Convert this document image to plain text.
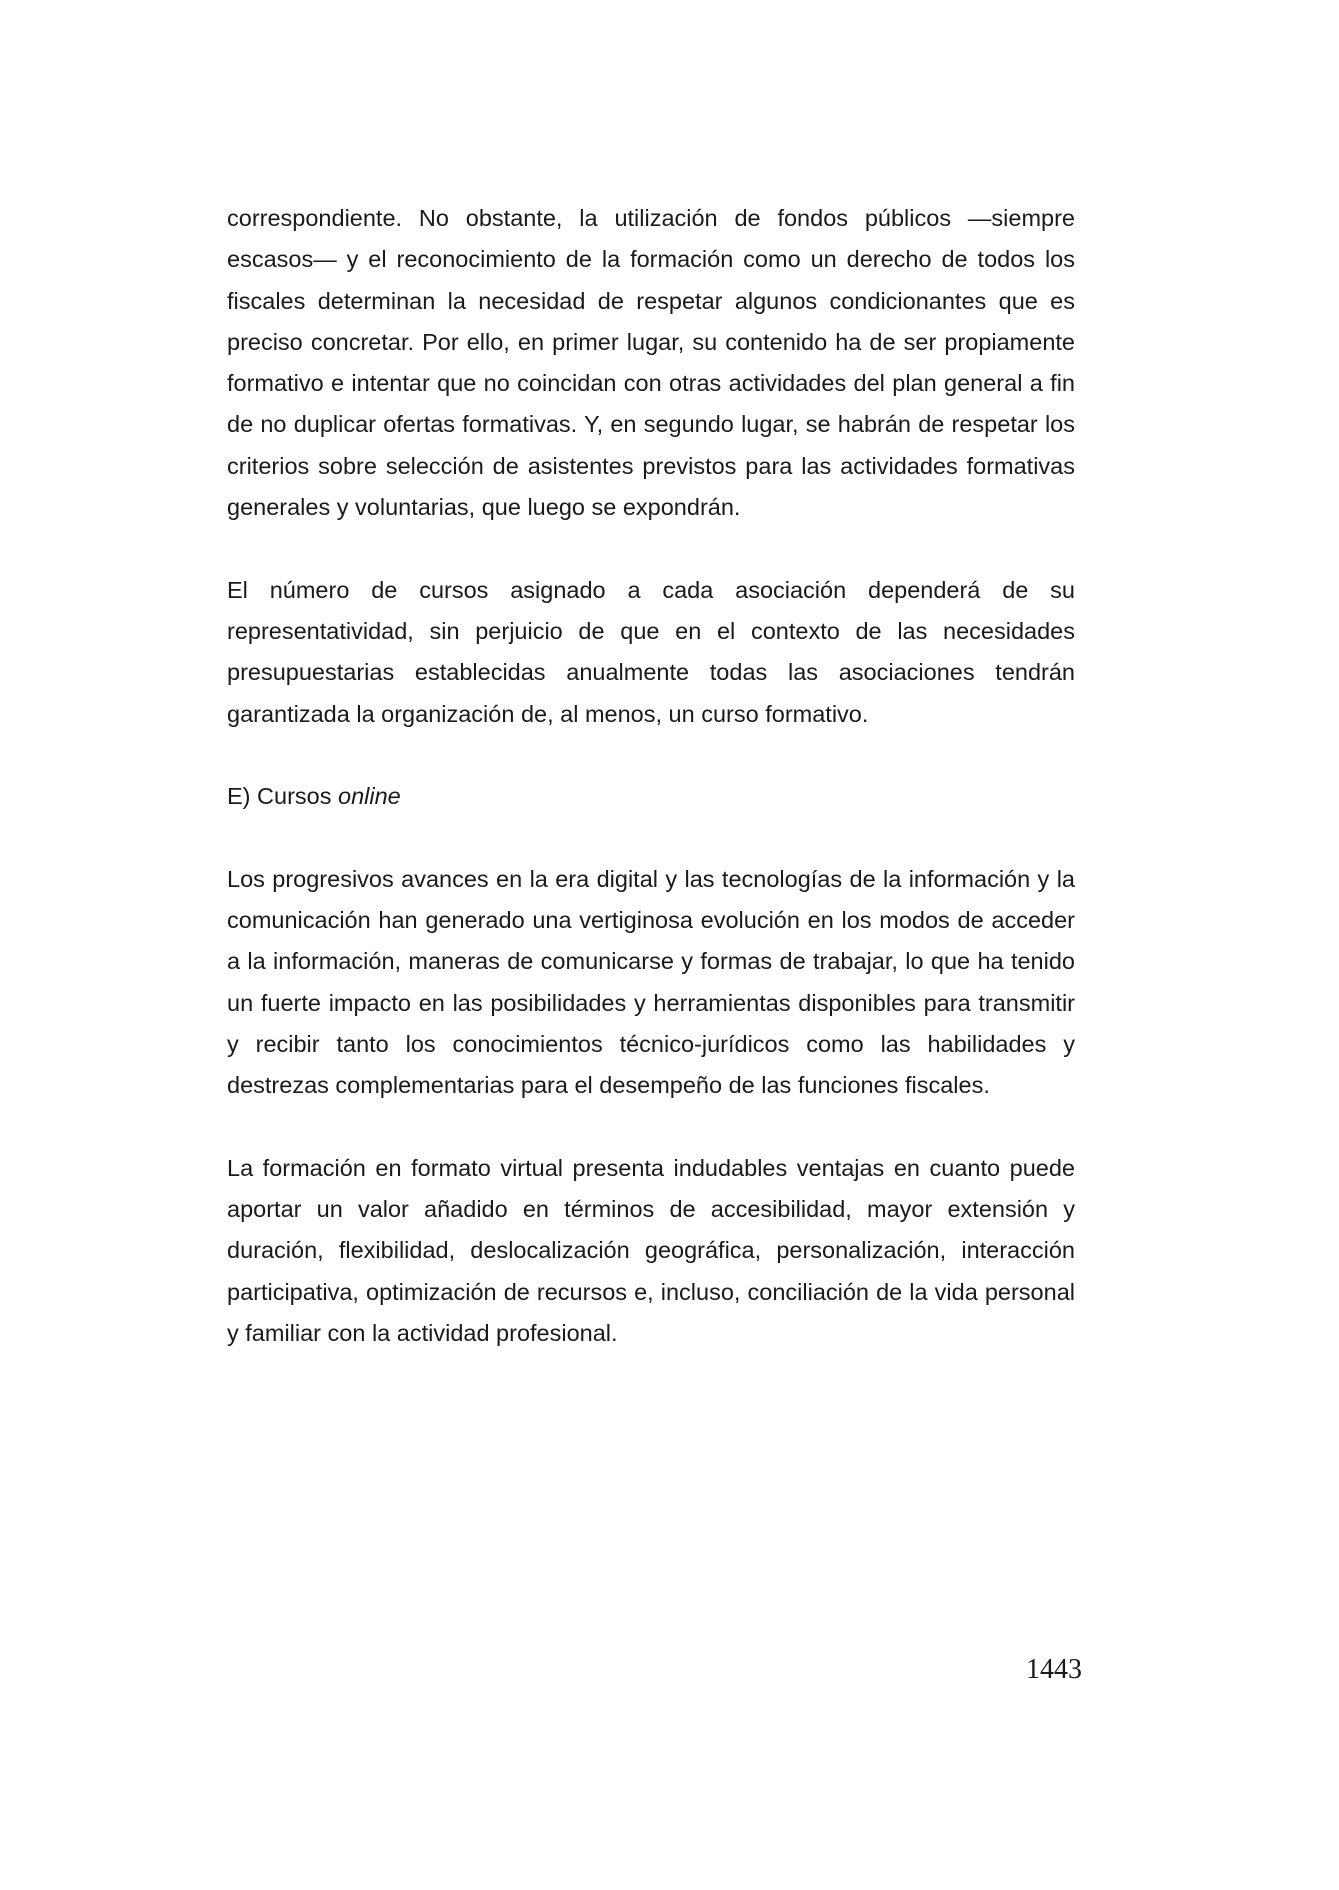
correspondiente. No obstante, la utilización de fondos públicos —siempre escasos— y el reconocimiento de la formación como un derecho de todos los fiscales determinan la necesidad de respetar algunos condicionantes que es preciso concretar. Por ello, en primer lugar, su contenido ha de ser propiamente formativo e intentar que no coincidan con otras actividades del plan general a fin de no duplicar ofertas formativas. Y, en segundo lugar, se habrán de respetar los criterios sobre selección de asistentes previstos para las actividades formativas generales y voluntarias, que luego se expondrán.

El número de cursos asignado a cada asociación dependerá de su representatividad, sin perjuicio de que en el contexto de las necesidades presupuestarias establecidas anualmente todas las asociaciones tendrán garantizada la organización de, al menos, un curso formativo.

E) Cursos online

Los progresivos avances en la era digital y las tecnologías de la información y la comunicación han generado una vertiginosa evolución en los modos de acceder a la información, maneras de comunicarse y formas de trabajar, lo que ha tenido un fuerte impacto en las posibilidades y herramientas disponibles para transmitir y recibir tanto los conocimientos técnico-jurídicos como las habilidades y destrezas complementarias para el desempeño de las funciones fiscales.

La formación en formato virtual presenta indudables ventajas en cuanto puede aportar un valor añadido en términos de accesibilidad, mayor extensión y duración, flexibilidad, deslocalización geográfica, personalización, interacción participativa, optimización de recursos e, incluso, conciliación de la vida personal y familiar con la actividad profesional.

1443
